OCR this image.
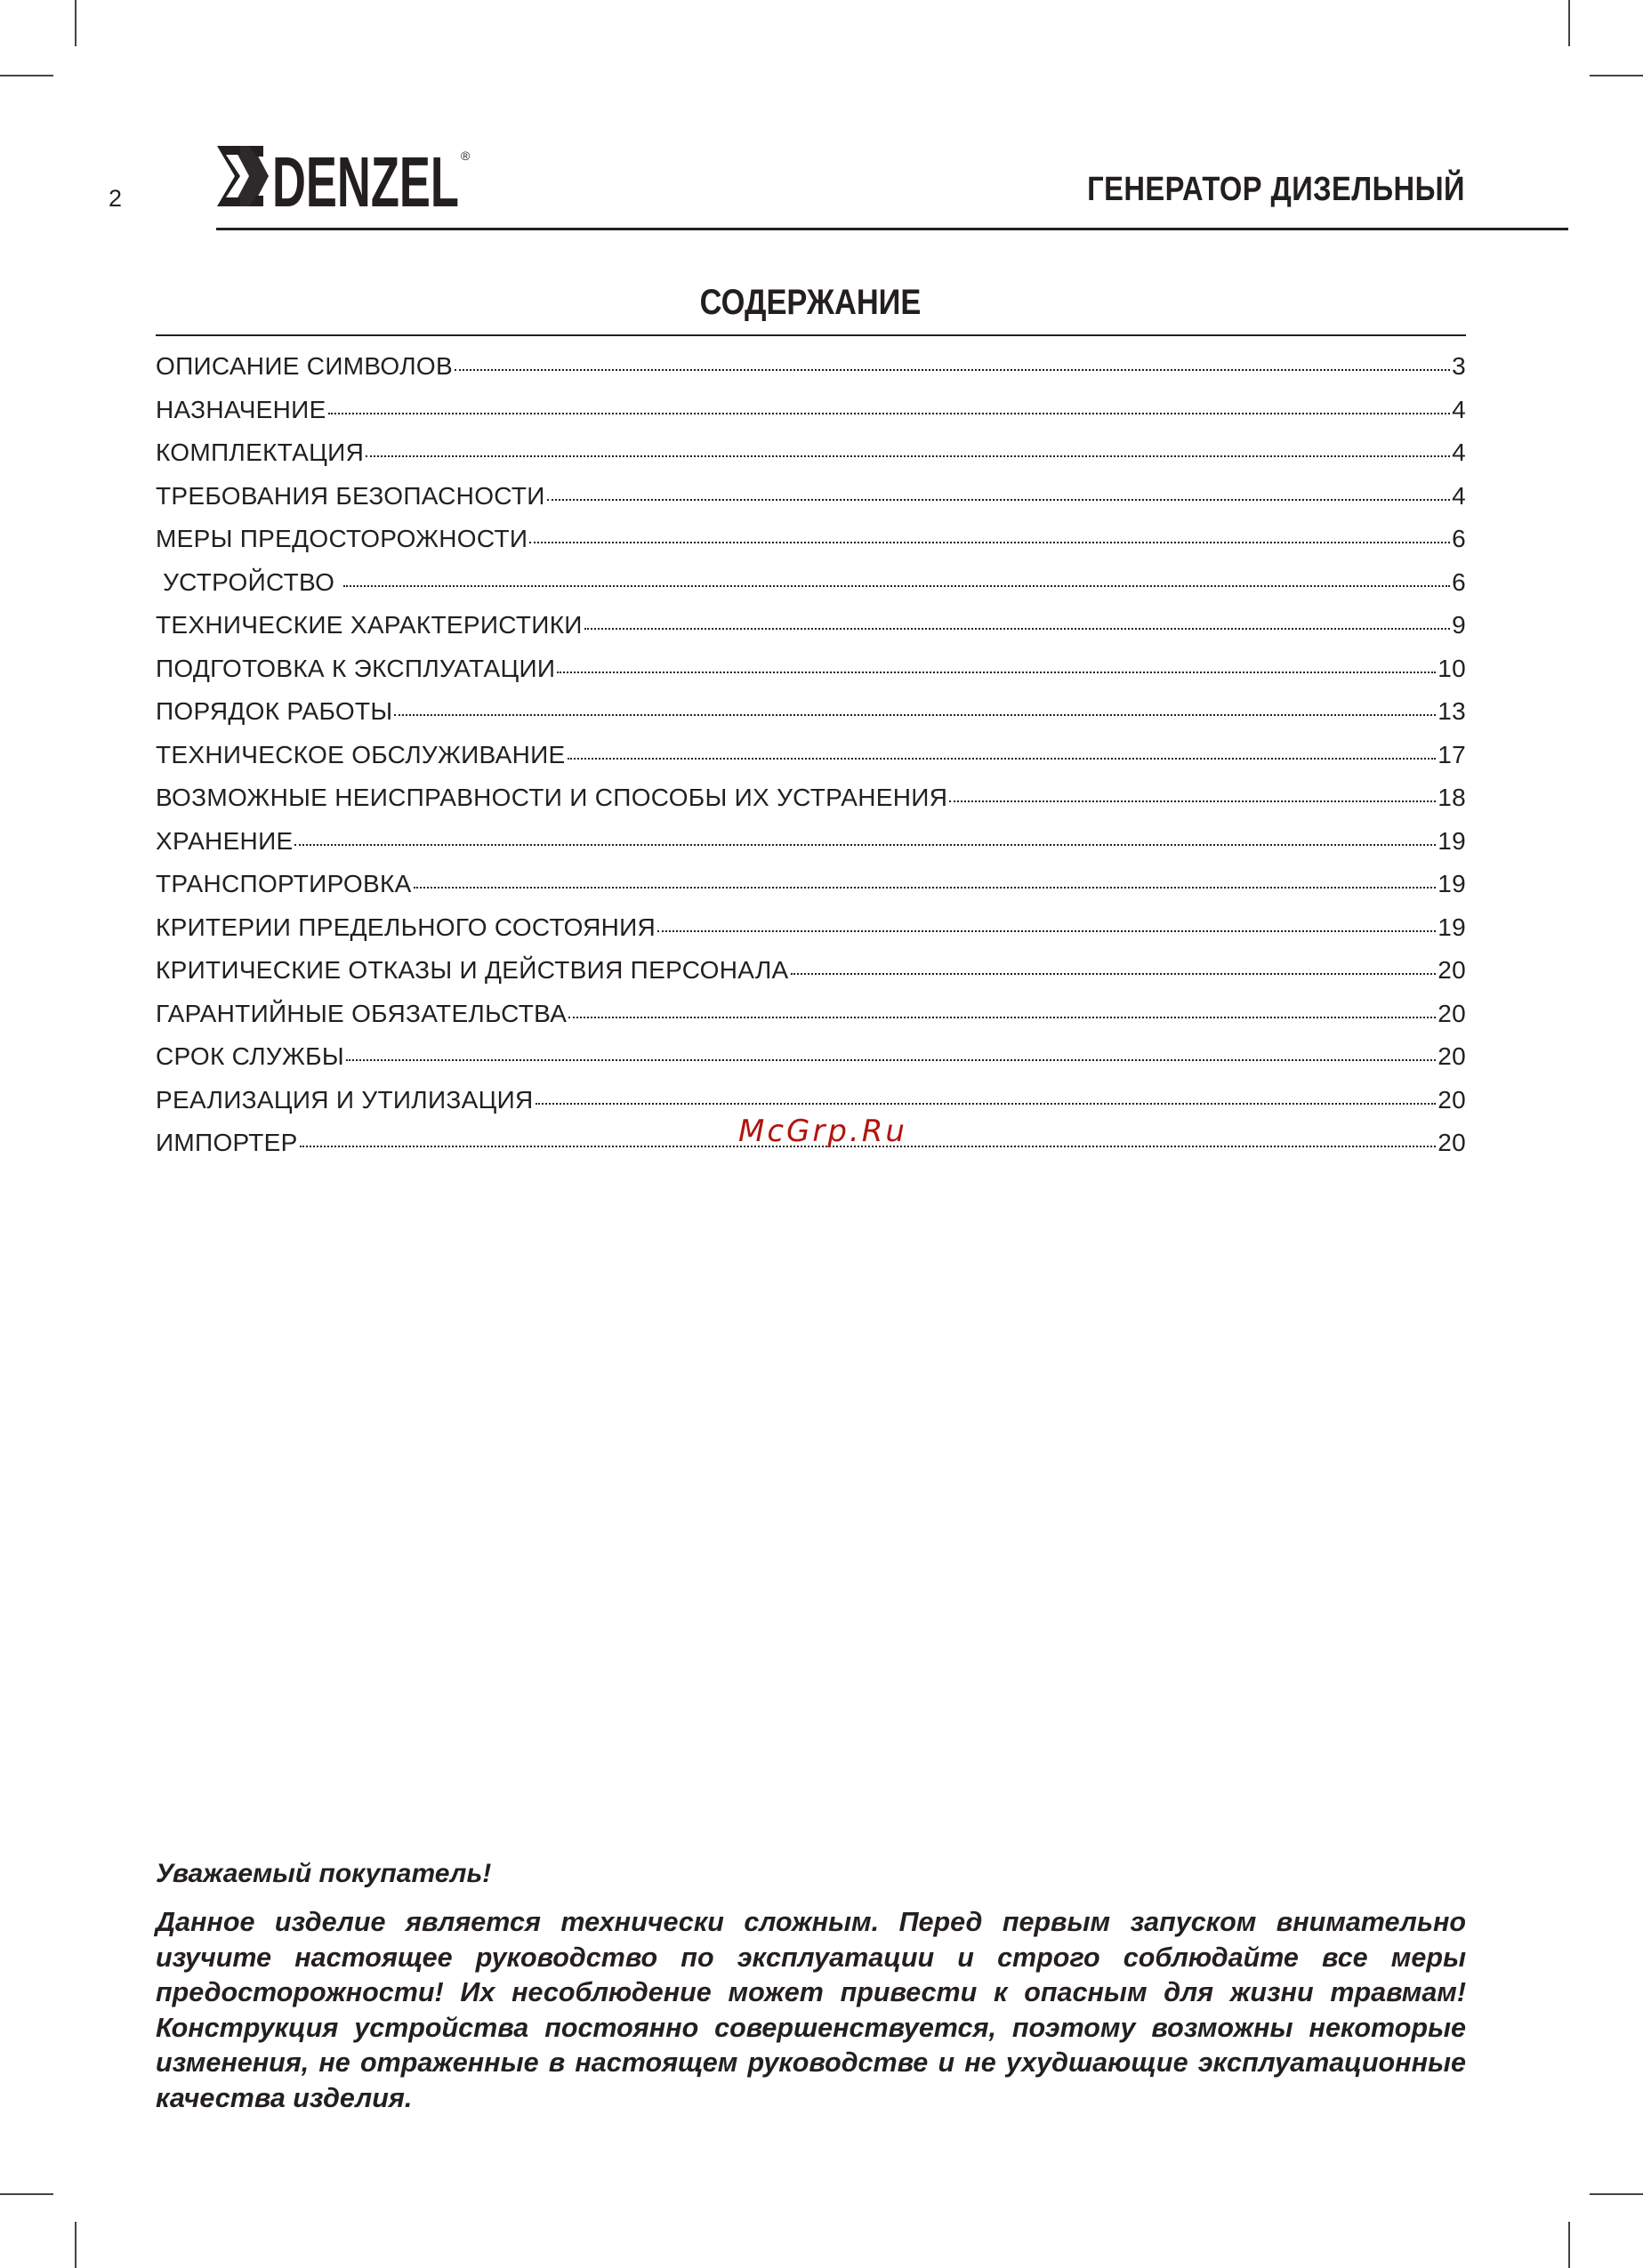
2 DENZEL ®
ГЕНЕРАТОР ДИЗЕЛЬНЫЙ
СОДЕРЖАНИЕ
ОПИСАНИЕ СИМВОЛОВ	3
НАЗНАЧЕНИЕ	4
КОМПЛЕКТАЦИЯ	4
ТРЕБОВАНИЯ БЕЗОПАСНОСТИ	4
МЕРЫ ПРЕДОСТОРОЖНОСТИ	6
УСТРОЙСТВО	6
ТЕХНИЧЕСКИЕ ХАРАКТЕРИСТИКИ	9
ПОДГОТОВКА К ЭКСПЛУАТАЦИИ	10
ПОРЯДОК РАБОТЫ	13
ТЕХНИЧЕСКОЕ ОБСЛУЖИВАНИЕ	17
ВОЗМОЖНЫЕ НЕИСПРАВНОСТИ И СПОСОБЫ ИХ УСТРАНЕНИЯ	18
ХРАНЕНИЕ	19
ТРАНСПОРТИРОВКА	19
КРИТЕРИИ ПРЕДЕЛЬНОГО СОСТОЯНИЯ	19
КРИТИЧЕСКИЕ ОТКАЗЫ И ДЕЙСТВИЯ ПЕРСОНАЛА	20
ГАРАНТИЙНЫЕ ОБЯЗАТЕЛЬСТВА	20
СРОК СЛУЖБЫ	20
РЕАЛИЗАЦИЯ И УТИЛИЗАЦИЯ	20
ИМПОРТЕР	20
McGrp.Ru

Уважаемый покупатель!

Данное изделие является технически сложным. Перед первым запуском внимательно изучите настоящее руководство по эксплуатации и строго соблюдайте все меры предосторожности! Их несоблюдение может привести к опасным для жизни травмам! Конструкция устройства постоянно совершенствуется, поэтому возможны некоторые изменения, не отраженные в настоящем руководстве и не ухудшающие эксплуатационные качества изделия.
